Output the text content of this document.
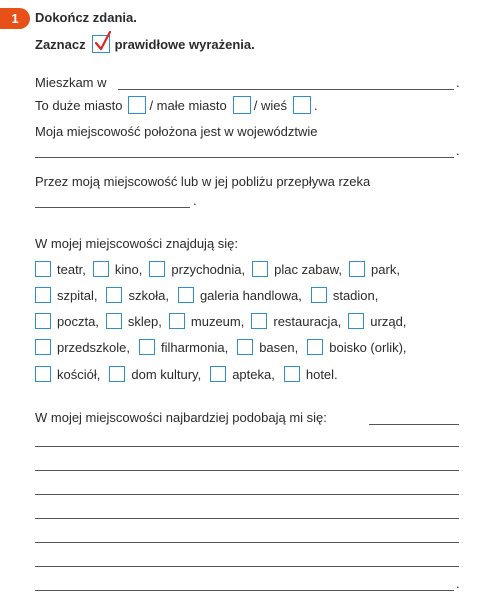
1 Dokończ zdania.
Zaznacz prawidłowe wyrażenia.
Mieszkam w	.
To duże miasto / małe miasto / wieś .
Moja miejscowość położona jest w województwie
.
Przez moją miejscowość lub w jej pobliżu przepływa rzeka
.
W mojej miejscowości znajdują się:
teatr, kino, przychodnia, plac zabaw, park,
szpital, szkoła, galeria handlowa, stadion,
poczta, sklep, muzeum, restauracja, urząd,
przedszkole, filharmonia, basen, boisko (orlik),
kościół, dom kultury, apteka, hotel.
W mojej miejscowości najbardziej podobają mi się:
.
